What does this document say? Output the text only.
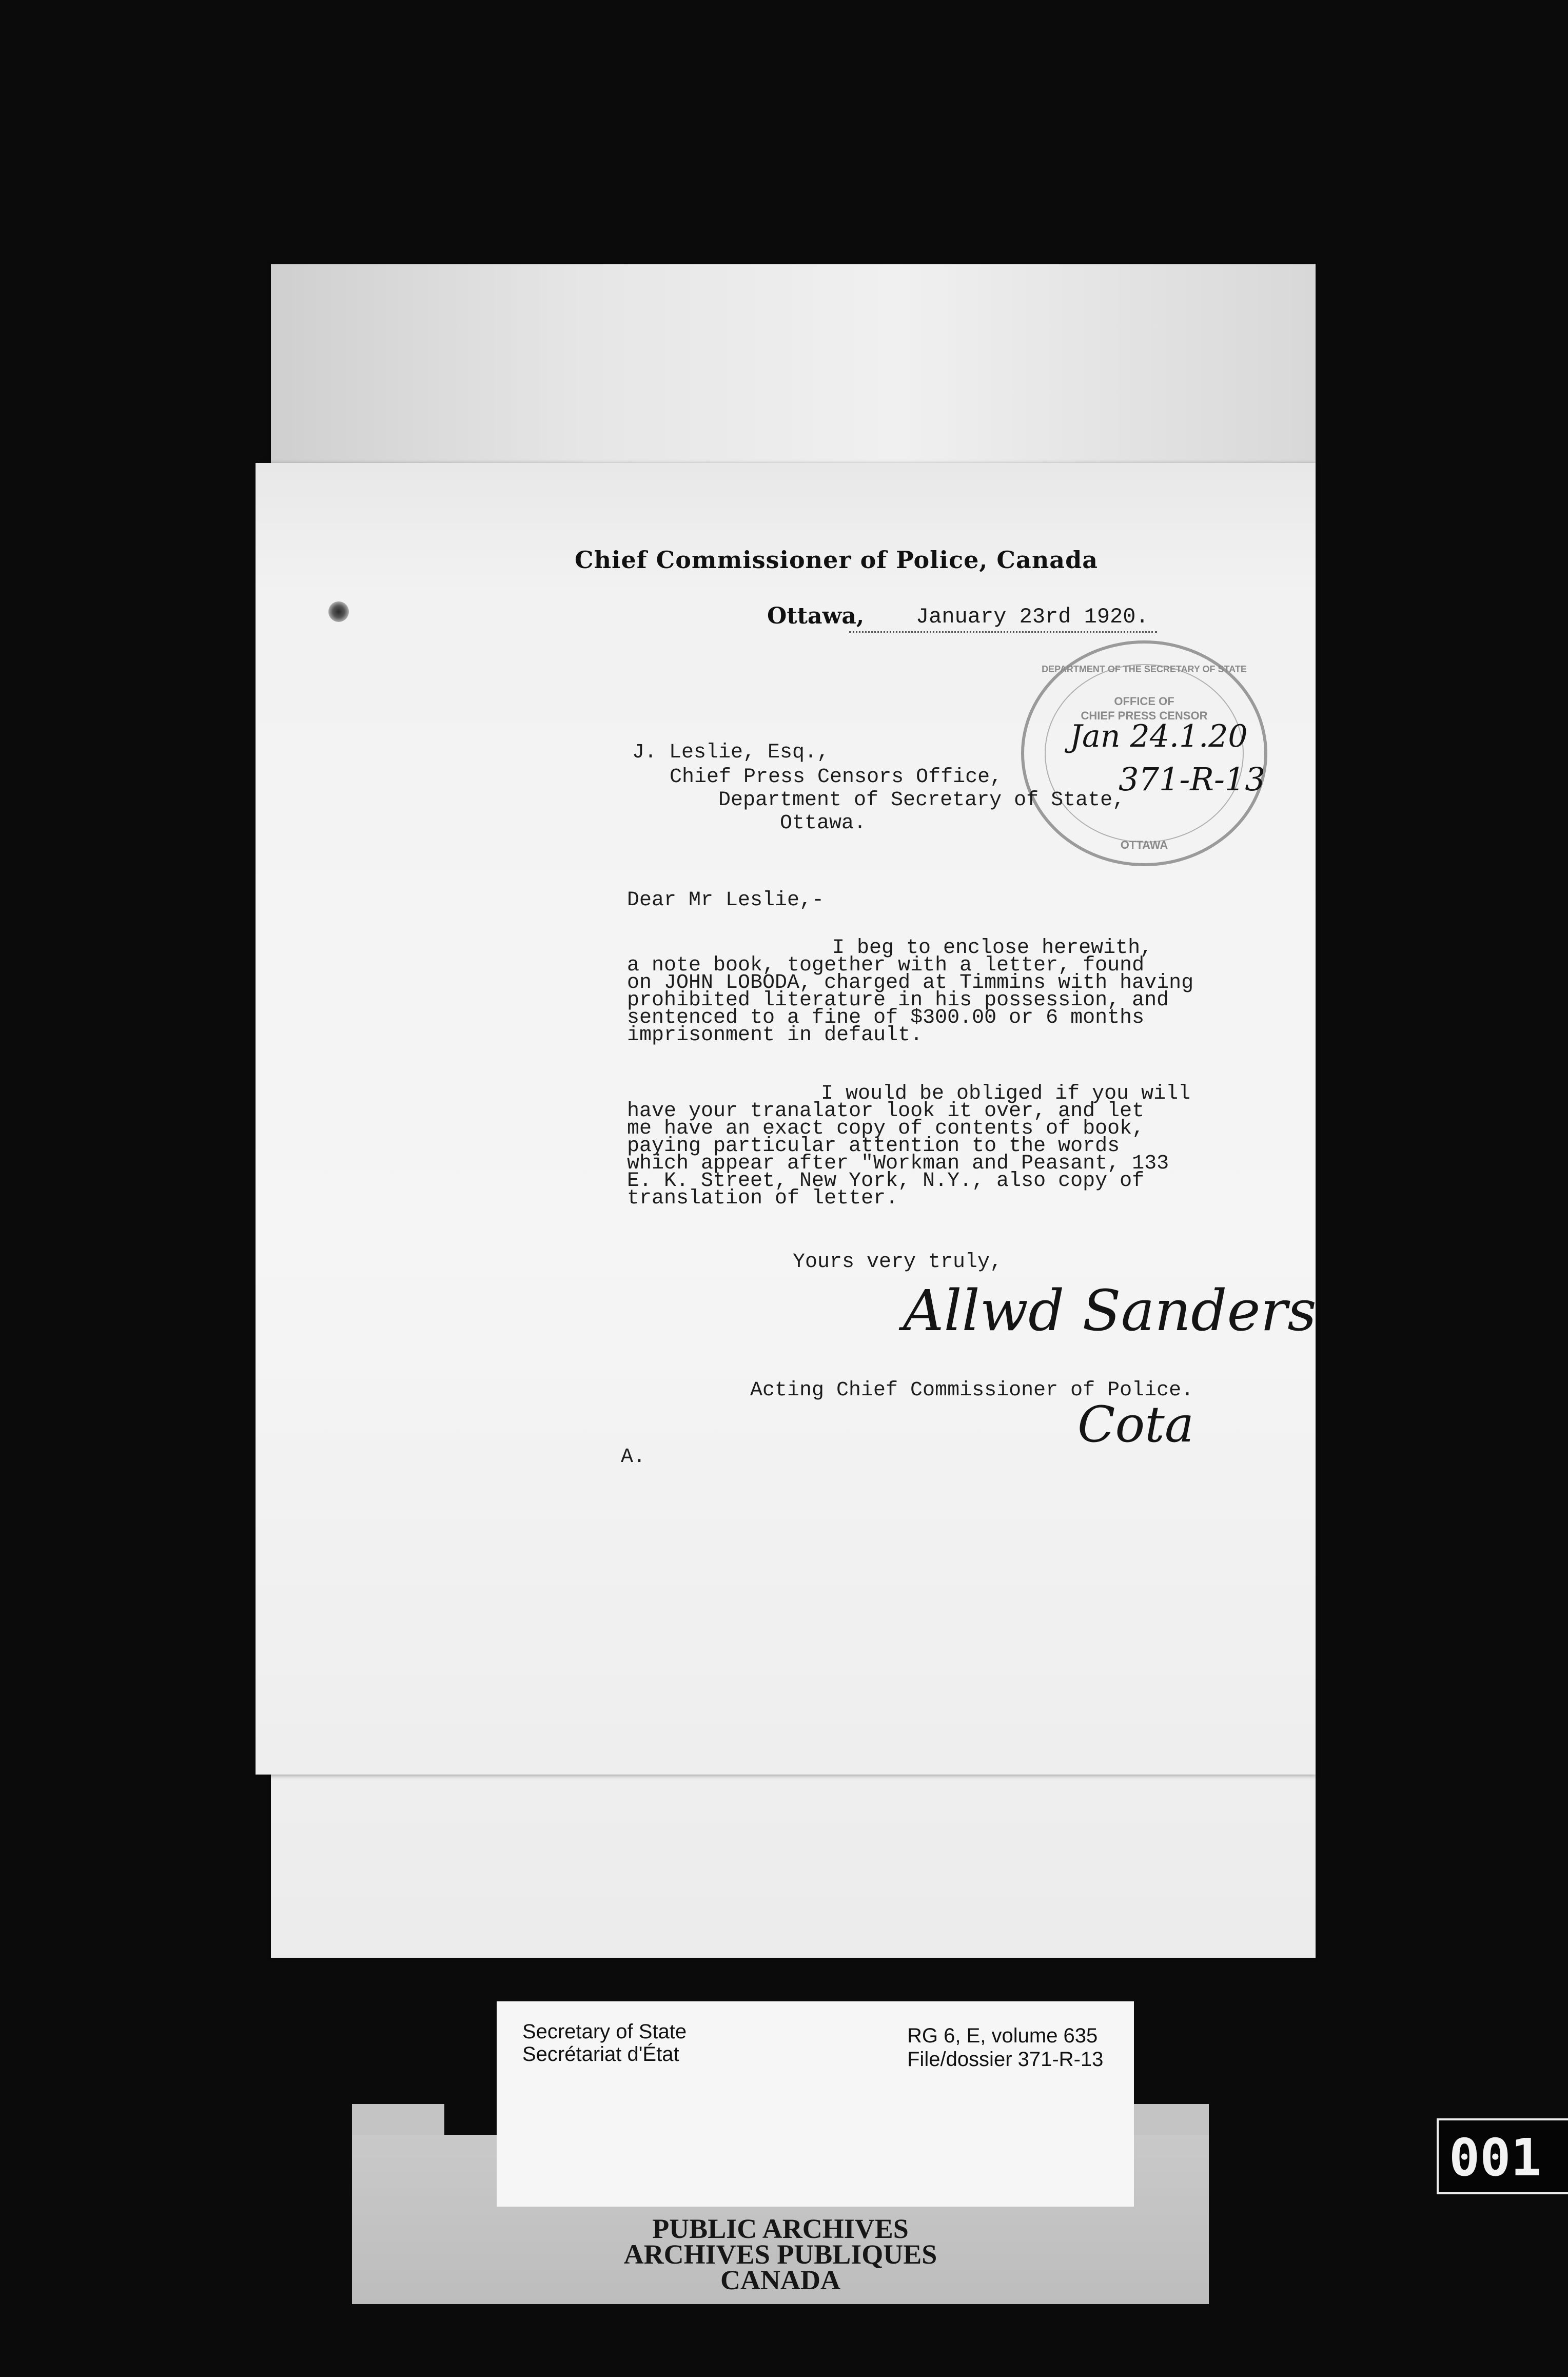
Chief Commissioner of Police, Canada
Ottawa, January 23rd 1920.
DEPARTMENT OF THE SECRETARY OF STATE
OFFICE OF
CHIEF PRESS CENSOR
OTTAWA
Jan 24.1.20
371-R-13
J. Leslie, Esq.,
Chief Press Censors Office,
Department of Secretary of State,
Ottawa.
Dear Mr Leslie,-
I beg to enclose herewith,
a note book, together with a letter, found
on JOHN LOBODA, charged at Timmins with having
prohibited literature in his possession, and
sentenced to a fine of $300.00 or 6 months
imprisonment in default.
I would be obliged if you will
have your tranalator look it over, and let
me have an exact copy of contents of book,
paying particular attention to the words
which appear after "Workman and Peasant, 133
E. K. Street, New York, N.Y., also copy of
translation of letter.
Yours very truly,
Allwd Sanders
Acting Chief Commissioner of Police.
Cota
A.
Secretary of State
Secrétariat d'État
RG 6, E, volume 635
File/dossier 371-R-13
PUBLIC ARCHIVES
ARCHIVES PUBLIQUES
CANADA
001
